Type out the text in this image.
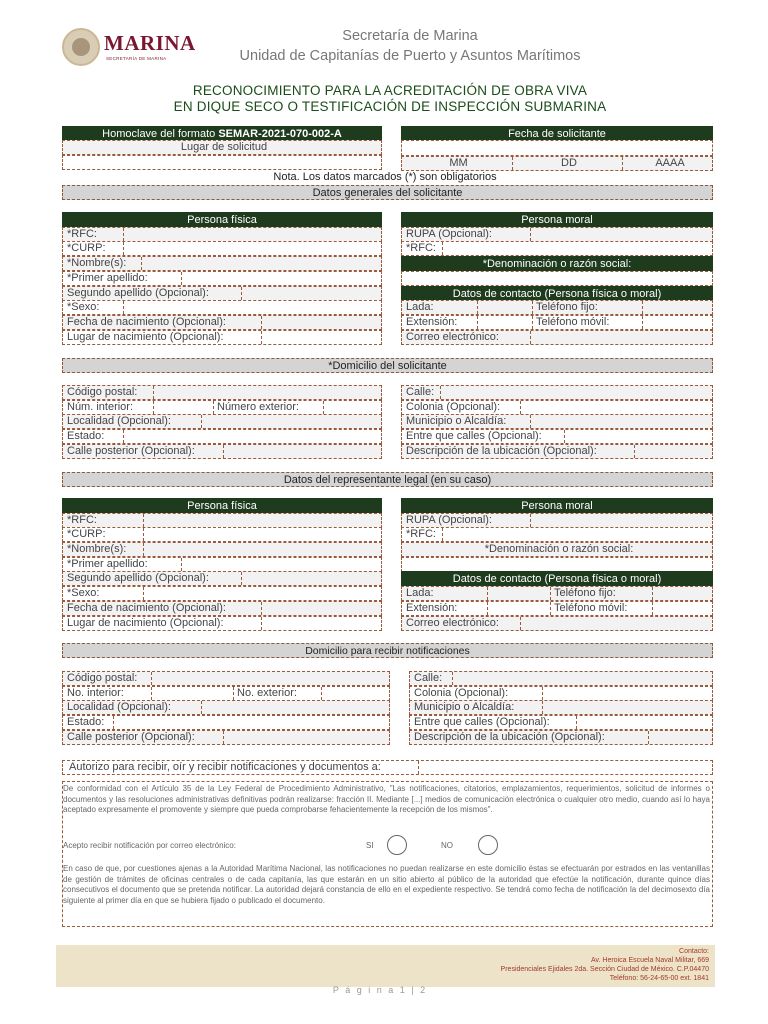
MARINA
SECRETARÍA DE MARINA
Secretaría de Marina
Unidad de Capitanías de Puerto y Asuntos Marítimos
RECONOCIMIENTO PARA LA ACREDITACIÓN DE OBRA VIVA
EN DIQUE SECO O TESTIFICACIÓN DE INSPECCIÓN SUBMARINA
Homoclave del formato SEMAR-2021-070-002-A
Lugar de solicitud
Fecha de solicitante
MM	DD	AAAA
Nota. Los datos marcados (*) son obligatorios
Datos generales del solicitante
Persona física
*RFC:
*CURP:
*Nombre(s):
*Primer apellido:
Segundo apellido (Opcional):
*Sexo:
Fecha de nacimiento (Opcional):
Lugar de nacimiento (Opcional):
Persona moral
RUPA (Opcional):
*RFC:
*Denominación o razón social:
Datos de contacto (Persona física o moral)
Lada:	Teléfono fijo:
Extensión:	Teléfono móvil:
Correo electrónico:
*Domicilio del solicitante
Código postal:
Núm. interior:	Número exterior:
Localidad (Opcional):
Estado:
Calle posterior (Opcional):
Calle:
Colonia (Opcional):
Municipio o Alcaldía:
Entre que calles (Opcional):
Descripción de la ubicación (Opcional):
Datos del representante legal (en su caso)
Persona física
*RFC:
*CURP:
*Nombre(s):
*Primer apellido:
Segundo apellido (Opcional):
*Sexo:
Fecha de nacimiento (Opcional):
Lugar de nacimiento (Opcional):
Persona moral
RUPA (Opcional):
*RFC:
*Denominación o razón social:
Datos de contacto (Persona física o moral)
Lada:	Teléfono fijo:
Extensión:	Teléfono móvil:
Correo electrónico:
Domicilio para recibir notificaciones
Código postal:
No. interior:	No. exterior:
Localidad (Opcional):
Estado:
Calle posterior (Opcional):
Calle:
Colonia (Opcional):
Municipio o Alcaldía:
Entre que calles (Opcional):
Descripción de la ubicación (Opcional):
Autorizo para recibir, oír y recibir notificaciones y documentos a:
De conformidad con el Artículo 35 de la Ley Federal de Procedimiento Administrativo, "Las notificaciones, citatorios, emplazamientos, requerimientos, solicitud de informes o documentos y las resoluciones administrativas definitivas podrán realizarse: fracción II. Mediante [...] medios de comunicación electrónica o cualquier otro medio, cuando así lo haya aceptado expresamente el promovente y siempre que pueda comprobarse fehacientemente la recepción de los mismos".
Acepto recibir notificación por correo electrónico:	SI	NO
En caso de que, por cuestiones ajenas a la Autoridad Marítima Nacional, las notificaciones no puedan realizarse en este domicilio éstas se efectuarán por estrados en las ventanillas de gestión de trámites de oficinas centrales o de cada capitanía, las que estarán en un sitio abierto al público de la autoridad que efectúe la notificación, durante quince días consecutivos el documento que se pretenda notificar. La autoridad dejará constancia de ello en el expediente respectivo. Se tendrá como fecha de notificación la del decimosexto día siguiente al primer día en que se hubiera fijado o publicado el documento.
Contacto:
Av. Heroica Escuela Naval Militar, 669
Presidenciales Ejidales 2da. Sección Ciudad de México. C.P.04470
Teléfono: 56-24-65-00 ext. 1841
P á g i n a 1 | 2
